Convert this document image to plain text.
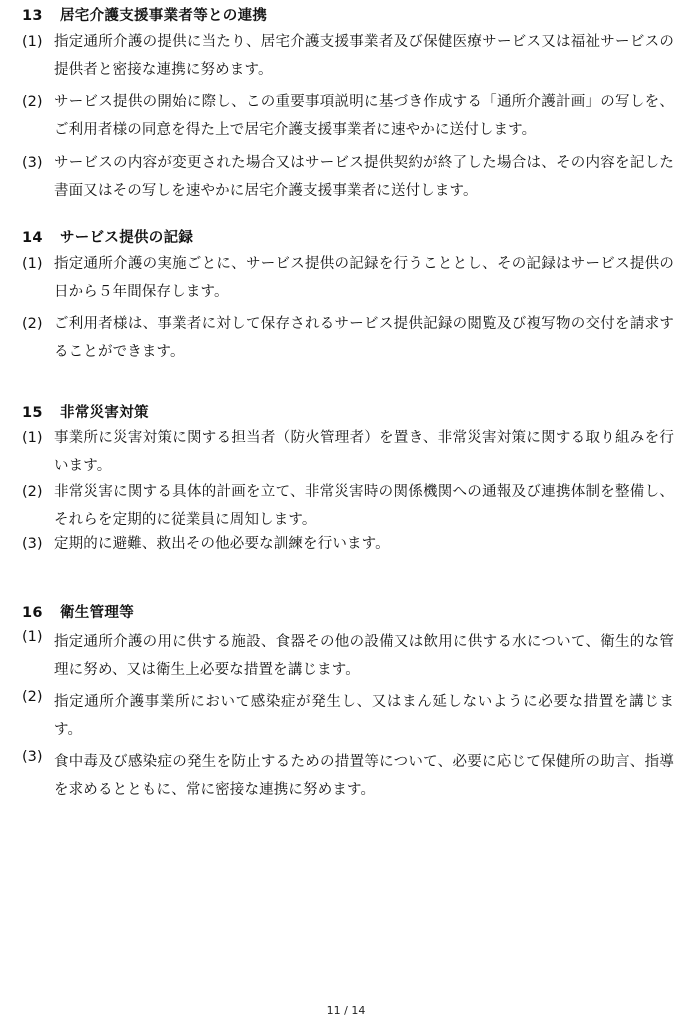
13 居宅介護支援事業者等との連携
(1) 指定通所介護の提供に当たり、居宅介護支援事業者及び保健医療サービス又は福祉サービスの提供者と密接な連携に努めます。
(2) サービス提供の開始に際し、この重要事項説明に基づき作成する「通所介護計画」の写しを、ご利用者様の同意を得た上で居宅介護支援事業者に速やかに送付します。
(3) サービスの内容が変更された場合又はサービス提供契約が終了した場合は、その内容を記した書面又はその写しを速やかに居宅介護支援事業者に送付します。
14 サービス提供の記録
(1) 指定通所介護の実施ごとに、サービス提供の記録を行うこととし、その記録はサービス提供の日から５年間保存します。
(2) ご利用者様は、事業者に対して保存されるサービス提供記録の閲覧及び複写物の交付を請求することができます。
15 非常災害対策
(1) 事業所に災害対策に関する担当者（防火管理者）を置き、非常災害対策に関する取り組みを行います。
(2) 非常災害に関する具体的計画を立て、非常災害時の関係機関への通報及び連携体制を整備し、それらを定期的に従業員に周知します。
(3) 定期的に避難、救出その他必要な訓練を行います。
16 衛生管理等
(1) 指定通所介護の用に供する施設、食器その他の設備又は飲用に供する水について、衛生的な管理に努め、又は衛生上必要な措置を講じます。
(2) 指定通所介護事業所において感染症が発生し、又はまん延しないように必要な措置を講じます。
(3) 食中毒及び感染症の発生を防止するための措置等について、必要に応じて保健所の助言、指導を求めるとともに、常に密接な連携に努めます。
11 / 14
